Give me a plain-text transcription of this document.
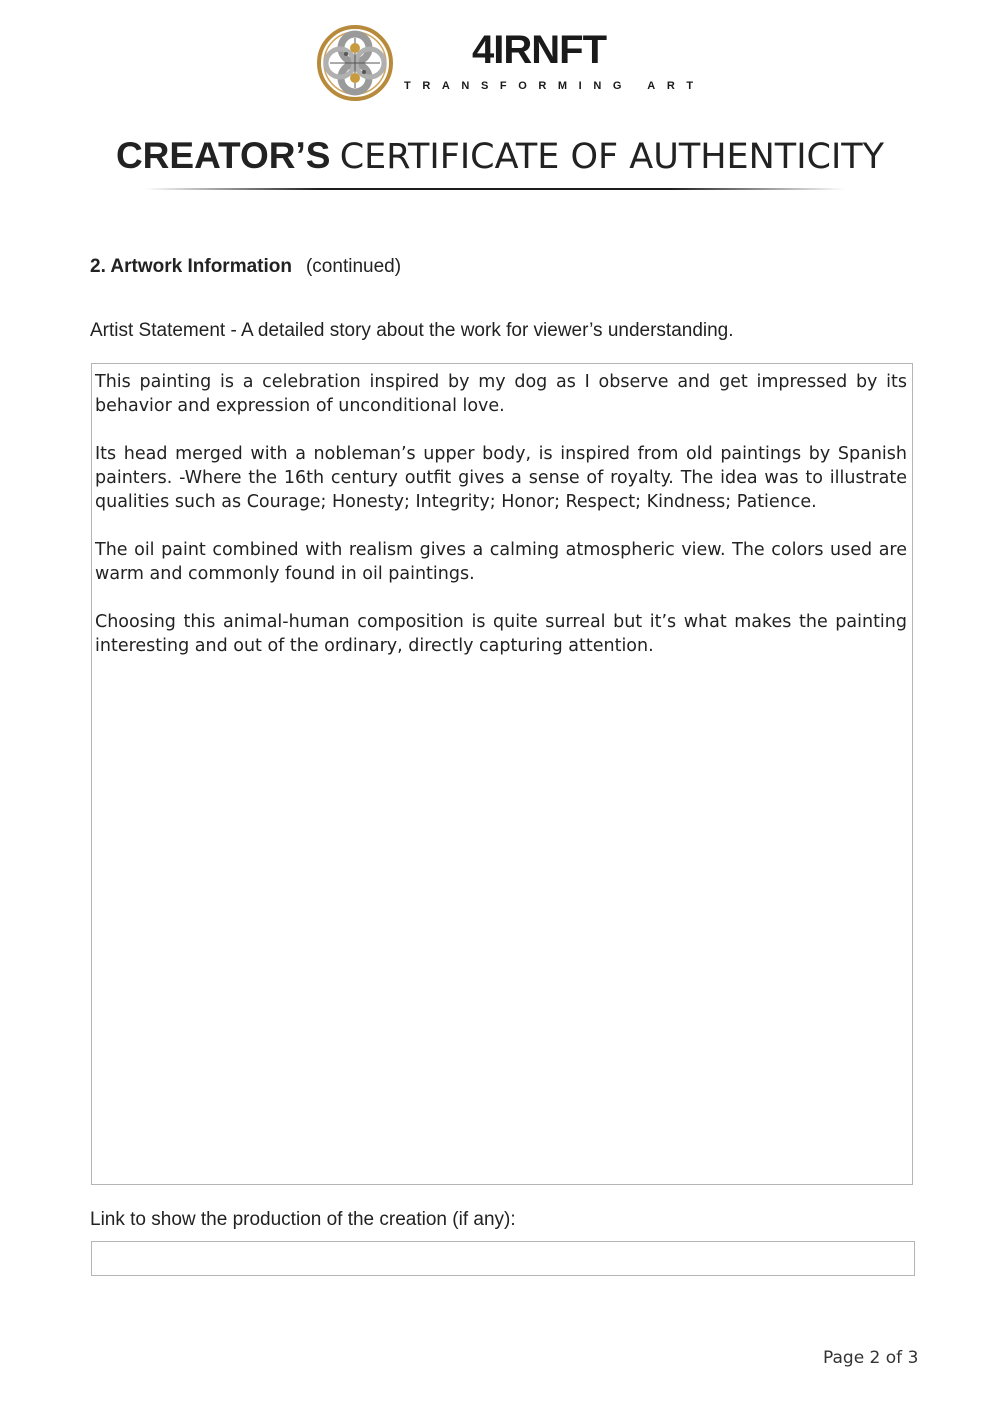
4IRNFT
TRANSFORMING ART
CREATOR’S CERTIFICATE OF AUTHENTICITY
2. Artwork Information (continued)
Artist Statement - A detailed story about the work for viewer’s understanding.

This painting is a celebration inspired by my dog as I observe and get impressed by its behavior and expression of unconditional love.

Its head merged with a nobleman’s upper body, is inspired from old paintings by Spanish painters. -Where the 16th century outfit gives a sense of royalty. The idea was to illustrate qualities such as Courage; Honesty; Integrity; Honor; Respect; Kindness; Patience.

The oil paint combined with realism gives a calming atmospheric view. The colors used are warm and commonly found in oil paintings.

Choosing this animal-human composition is quite surreal but it’s what makes the painting interesting and out of the ordinary, directly capturing attention.

Link to show the production of the creation (if any):
Page 2 of 3
